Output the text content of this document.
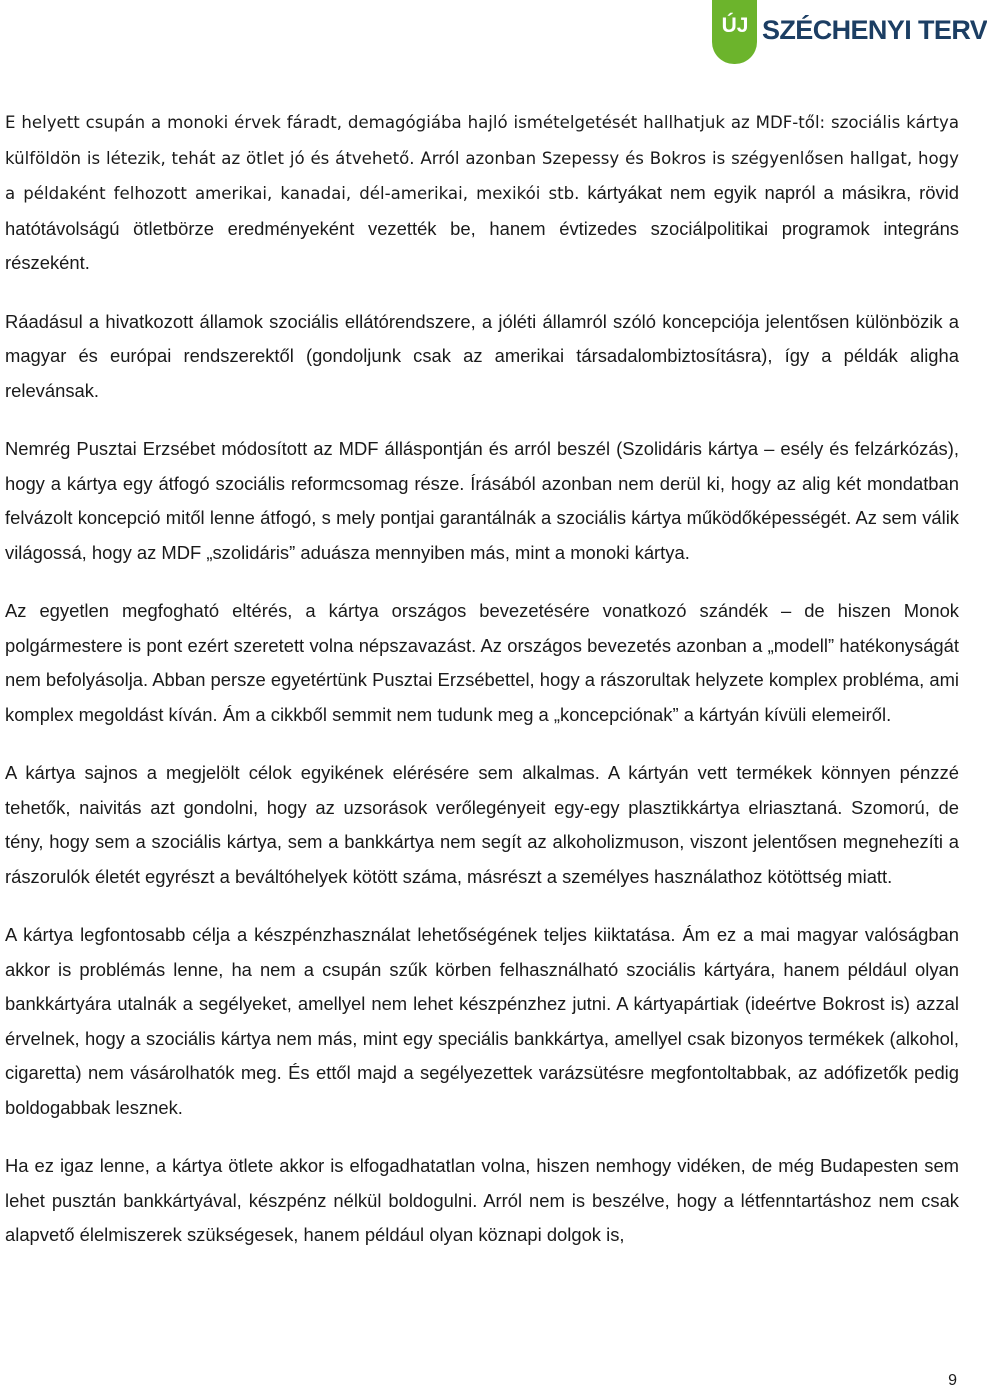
ÚJ SZÉCHENYI TERV

E helyett csupán a monoki érvek fáradt, demagógiába hajló ismételgetését hallhatjuk az MDF-től: szociális kártya külföldön is létezik, tehát az ötlet jó és átvehető. Arról azonban Szepessy és Bokros is szégyenlősen hallgat, hogy a példaként felhozott amerikai, kanadai, dél-amerikai, mexikói stb. kártyákat nem egyik napról a másikra, rövid hatótávolságú ötletbörze eredményeként vezették be, hanem évtizedes szociálpolitikai programok integráns részeként.

Ráadásul a hivatkozott államok szociális ellátórendszere, a jóléti államról szóló koncepciója jelentősen különbözik a magyar és európai rendszerektől (gondoljunk csak az amerikai társadalombiztosításra), így a példák aligha relevánsak.

Nemrég Pusztai Erzsébet módosított az MDF álláspontján és arról beszél (Szolidáris kártya – esély és felzárkózás), hogy a kártya egy átfogó szociális reformcsomag része. Írásából azonban nem derül ki, hogy az alig két mondatban felvázolt koncepció mitől lenne átfogó, s mely pontjai garantálnák a szociális kártya működőképességét. Az sem válik világossá, hogy az MDF „szolidáris” aduásza mennyiben más, mint a monoki kártya.

Az egyetlen megfogható eltérés, a kártya országos bevezetésére vonatkozó szándék – de hiszen Monok polgármestere is pont ezért szeretett volna népszavazást. Az országos bevezetés azonban a „modell” hatékonyságát nem befolyásolja. Abban persze egyetértünk Pusztai Erzsébettel, hogy a rászorultak helyzete komplex probléma, ami komplex megoldást kíván. Ám a cikkből semmit nem tudunk meg a „koncepciónak” a kártyán kívüli elemeiről.

A kártya sajnos a megjelölt célok egyikének elérésére sem alkalmas. A kártyán vett termékek könnyen pénzzé tehetők, naivitás azt gondolni, hogy az uzsorások verőlegényeit egy-egy plasztikkártya elriasztaná. Szomorú, de tény, hogy sem a szociális kártya, sem a bankkártya nem segít az alkoholizmuson, viszont jelentősen megnehezíti a rászorulók életét egyrészt a beváltóhelyek kötött száma, másrészt a személyes használathoz kötöttség miatt.

A kártya legfontosabb célja a készpénzhasználat lehetőségének teljes kiiktatása. Ám ez a mai magyar valóságban akkor is problémás lenne, ha nem a csupán szűk körben felhasználható szociális kártyára, hanem például olyan bankkártyára utalnák a segélyeket, amellyel nem lehet készpénzhez jutni. A kártyapártiak (ideértve Bokrost is) azzal érvelnek, hogy a szociális kártya nem más, mint egy speciális bankkártya, amellyel csak bizonyos termékek (alkohol, cigaretta) nem vásárolhatók meg. És ettől majd a segélyezettek varázsütésre megfontoltabbak, az adófizetők pedig boldogabbak lesznek.

Ha ez igaz lenne, a kártya ötlete akkor is elfogadhatatlan volna, hiszen nemhogy vidéken, de még Budapesten sem lehet pusztán bankkártyával, készpénz nélkül boldogulni. Arról nem is beszélve, hogy a létfenntartáshoz nem csak alapvető élelmiszerek szükségesek, hanem például olyan köznapi dolgok is,

9
